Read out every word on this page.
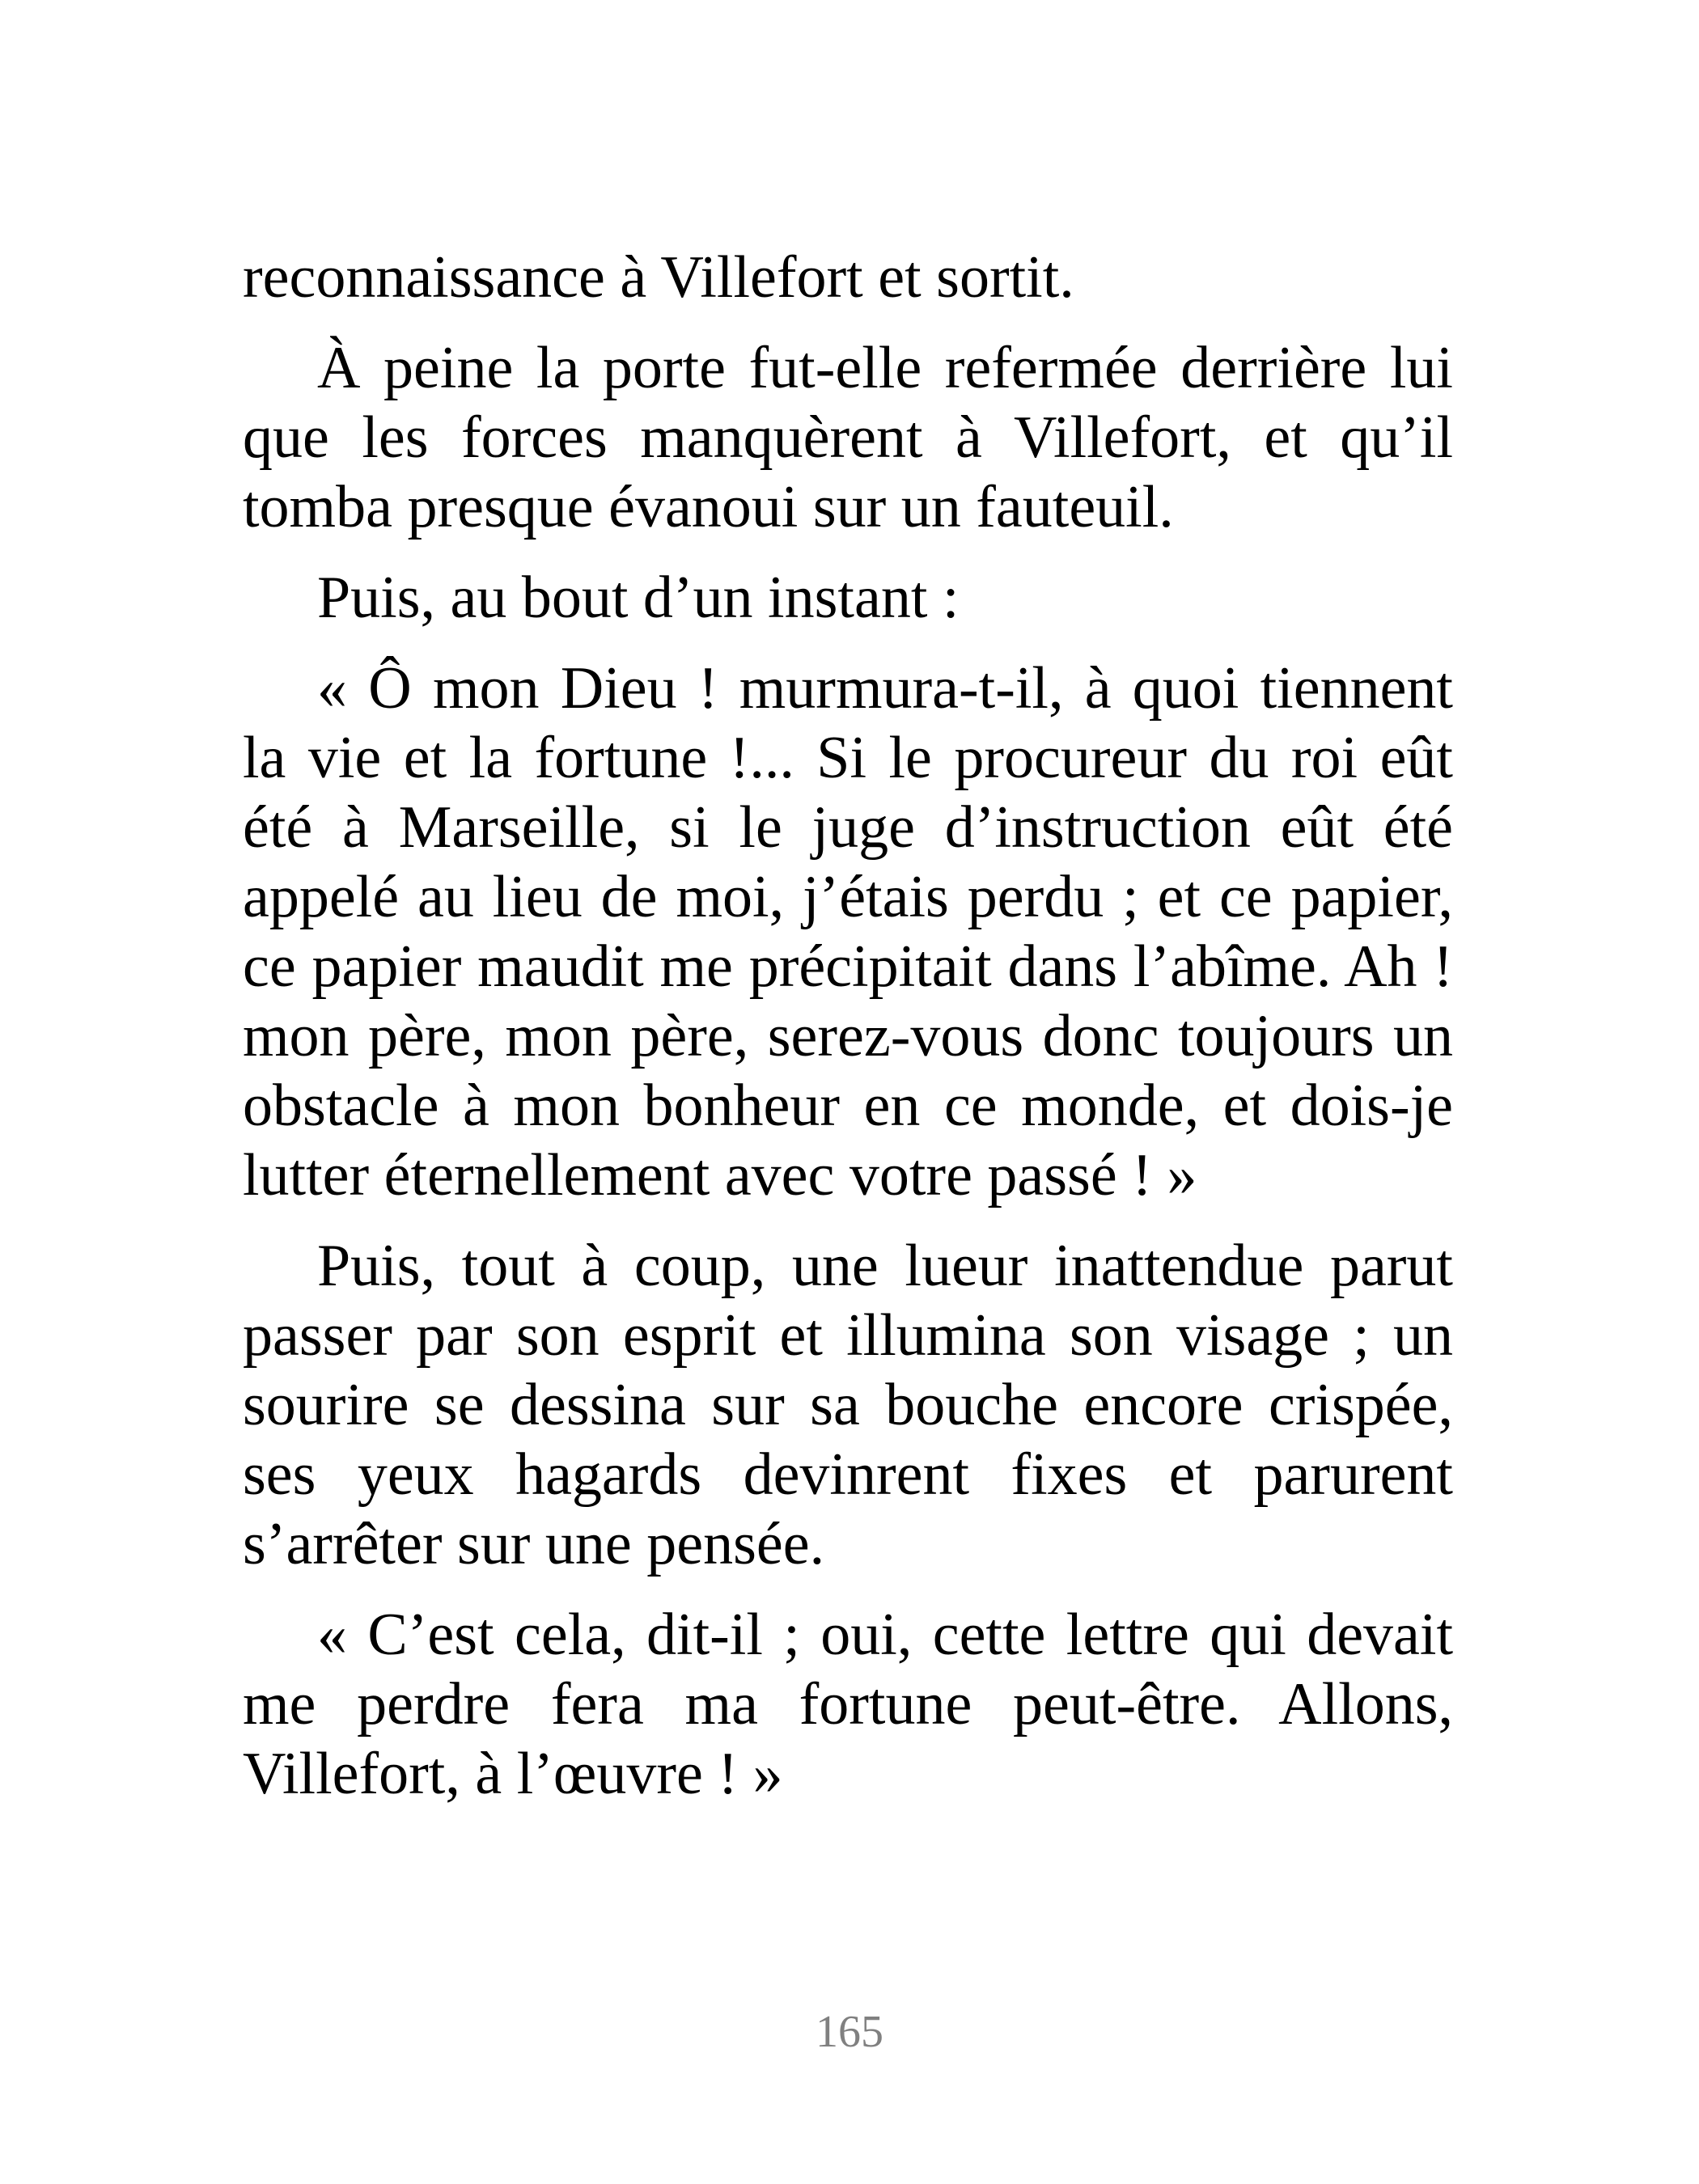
reconnaissance à Villefort et sortit.

À peine la porte fut-elle refermée derrière lui que les forces manquèrent à Villefort, et qu’il tomba presque évanoui sur un fauteuil.

Puis, au bout d’un instant :

« Ô mon Dieu ! murmura-t-il, à quoi tiennent la vie et la fortune !... Si le procureur du roi eût été à Marseille, si le juge d’instruction eût été appelé au lieu de moi, j’étais perdu ; et ce papier, ce papier maudit me précipitait dans l’abîme. Ah ! mon père, mon père, serez-vous donc toujours un obstacle à mon bonheur en ce monde, et dois-je lutter éternellement avec votre passé ! »

Puis, tout à coup, une lueur inattendue parut passer par son esprit et illumina son visage ; un sourire se dessina sur sa bouche encore crispée, ses yeux hagards devinrent fixes et parurent s’arrêter sur une pensée.

« C’est cela, dit-il ; oui, cette lettre qui devait me perdre fera ma fortune peut-être. Allons, Villefort, à l’œuvre ! »

165
